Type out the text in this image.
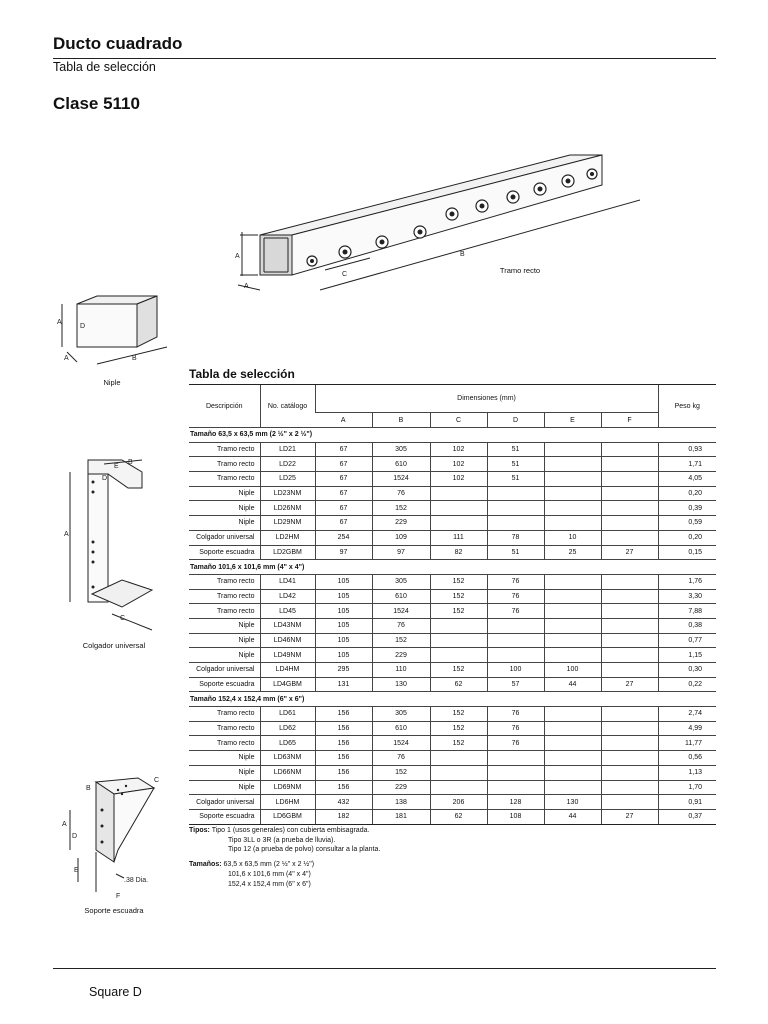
Ducto cuadrado
Tabla de selección
Clase 5110
A
A
B
C	Tramo recto
A
D
A	B
Niple
A
B
E
D
C
Colgador universal
B
C
A
D
E
F
.38 Dia.
Soporte escuadra
Tabla de selección
Descripción	No. catálogo	Dimensiones (mm)						Peso kg
		A	B	C	D	E	F	
Tamaño 63,5 x 63,5 mm (2 ½" x 2 ½")								
Tramo recto	LD21	67	305	102	51			0,93
Tramo recto	LD22	67	610	102	51			1,71
Tramo recto	LD25	67	1524	102	51			4,05
Niple	LD23NM	67	76					0,20
Niple	LD26NM	67	152					0,39
Niple	LD29NM	67	229					0,59
Colgador universal	LD2HM	254	109	111	78	10		0,20
Soporte escuadra	LD2GBM	97	97	82	51	25	27	0,15
Tamaño 101,6 x 101,6 mm (4" x 4")								
Tramo recto	LD41	105	305	152	76			1,76
Tramo recto	LD42	105	610	152	76			3,30
Tramo recto	LD45	105	1524	152	76			7,88
Niple	LD43NM	105	76					0,38
Niple	LD46NM	105	152					0,77
Niple	LD49NM	105	229					1,15
Colgador universal	LD4HM	295	110	152	100	100		0,30
Soporte escuadra	LD4GBM	131	130	62	57	44	27	0,22
Tamaño 152,4 x 152,4 mm (6" x 6")								
Tramo recto	LD61	156	305	152	76			2,74
Tramo recto	LD62	156	610	152	76			4,99
Tramo recto	LD65	156	1524	152	76			11,77
Niple	LD63NM	156	76					0,56
Niple	LD66NM	156	152					1,13
Niple	LD69NM	156	229					1,70
Colgador universal	LD6HM	432	138	206	128	130		0,91
Soporte escuadra	LD6GBM	182	181	62	108	44	27	0,37
Tipos: Tipo 1 (usos generales) con cubierta embisagrada.
Tipo 3LL o 3R (a prueba de lluvia).
Tipo 12 (a prueba de polvo) consultar a la planta.
Tamaños: 63,5 x 63,5 mm (2 ½" x 2 ½")
101,6 x 101,6 mm (4" x 4")
152,4 x 152,4 mm (6" x 6")
Square D
